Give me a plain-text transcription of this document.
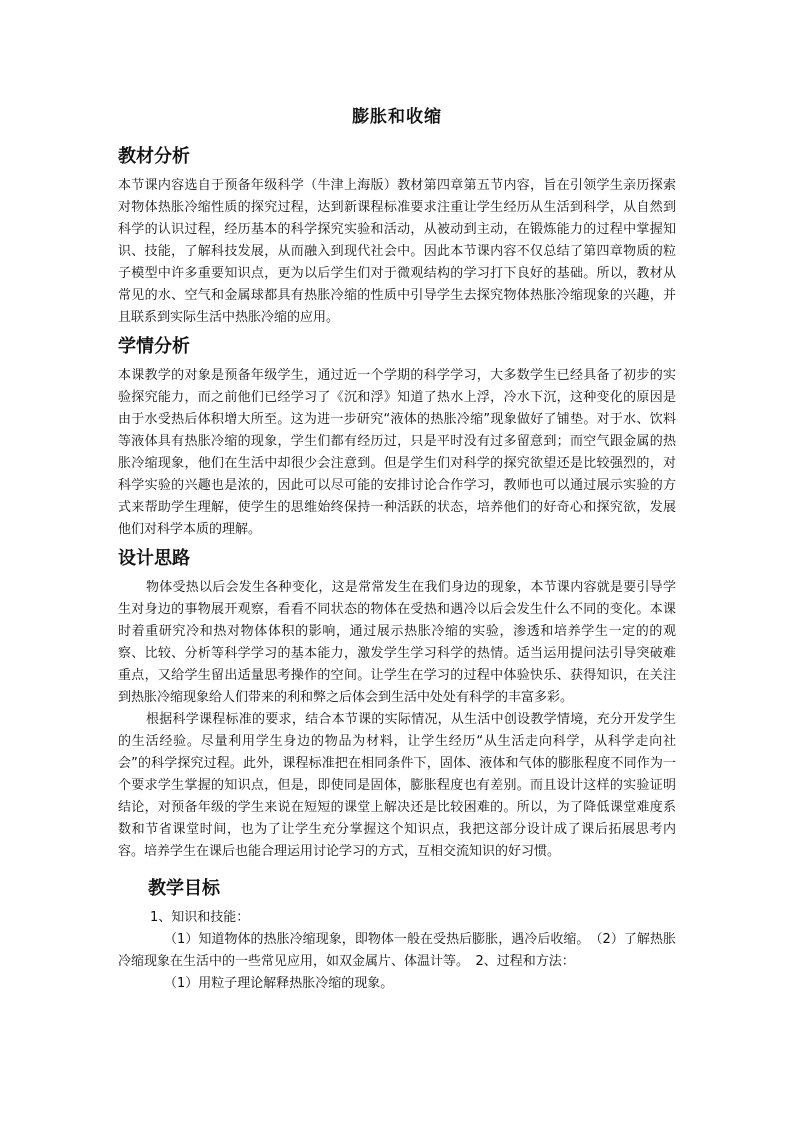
膨胀和收缩
教材分析

本节课内容选自于预备年级科学（牛津上海版）教材第四章第五节内容，旨在引领学生亲历探索对物体热胀冷缩性质的探究过程，达到新课程标准要求注重让学生经历从生活到科学，从自然到科学的认识过程，经历基本的科学探究实验和活动，从被动到主动，在锻炼能力的过程中掌握知识、技能，了解科技发展，从而融入到现代社会中。因此本节课内容不仅总结了第四章物质的粒子模型中许多重要知识点，更为以后学生们对于微观结构的学习打下良好的基础。所以，教材从常见的水、空气和金属球都具有热胀冷缩的性质中引导学生去探究物体热胀冷缩现象的兴趣，并且联系到实际生活中热胀冷缩的应用。

学情分析

本课教学的对象是预备年级学生，通过近一个学期的科学学习，大多数学生已经具备了初步的实验探究能力，而之前他们已经学习了《沉和浮》知道了热水上浮，冷水下沉，这种变化的原因是由于水受热后体积增大所至。这为进一步研究“液体的热胀冷缩”现象做好了铺垫。对于水、饮料等液体具有热胀冷缩的现象，学生们都有经历过，只是平时没有过多留意到；而空气跟金属的热胀冷缩现象，他们在生活中却很少会注意到。但是学生们对科学的探究欲望还是比较强烈的，对科学实验的兴趣也是浓的，因此可以尽可能的安排讨论合作学习，教师也可以通过展示实验的方式来帮助学生理解，使学生的思维始终保持一种活跃的状态，培养他们的好奇心和探究欲，发展他们对科学本质的理解。

设计思路

物体受热以后会发生各种变化，这是常常发生在我们身边的现象，本节课内容就是要引导学生对身边的事物展开观察，看看不同状态的物体在受热和遇冷以后会发生什么不同的变化。本课时着重研究冷和热对物体体积的影响，通过展示热胀冷缩的实验，渗透和培养学生一定的的观察、比较、分析等科学学习的基本能力，激发学生学习科学的热情。适当运用提问法引导突破难重点，又给学生留出适量思考操作的空间。让学生在学习的过程中体验快乐、获得知识，在关注到热胀冷缩现象给人们带来的利和弊之后体会到生活中处处有科学的丰富多彩。

根据科学课程标准的要求，结合本节课的实际情况，从生活中创设教学情境，充分开发学生的生活经验。尽量利用学生身边的物品为材料，让学生经历“从生活走向科学，从科学走向社会”的科学探究过程。此外，课程标准把在相同条件下，固体、液体和气体的膨胀程度不同作为一个要求学生掌握的知识点，但是，即使同是固体，膨胀程度也有差别。而且设计这样的实验证明结论，对预备年级的学生来说在短短的课堂上解决还是比较困难的。所以，为了降低课堂难度系数和节省课堂时间，也为了让学生充分掌握这个知识点，我把这部分设计成了课后拓展思考内容。培养学生在课后也能合理运用讨论学习的方式，互相交流知识的好习惯。

教学目标

1、知识和技能：

（1）知道物体的热胀冷缩现象，即物体一般在受热后膨胀，遇冷后收缩。　（2）了解热胀冷缩现象在生活中的一些常见应用，如双金属片、体温计等。　2、过程和方法：

（1）用粒子理论解释热胀冷缩的现象。
